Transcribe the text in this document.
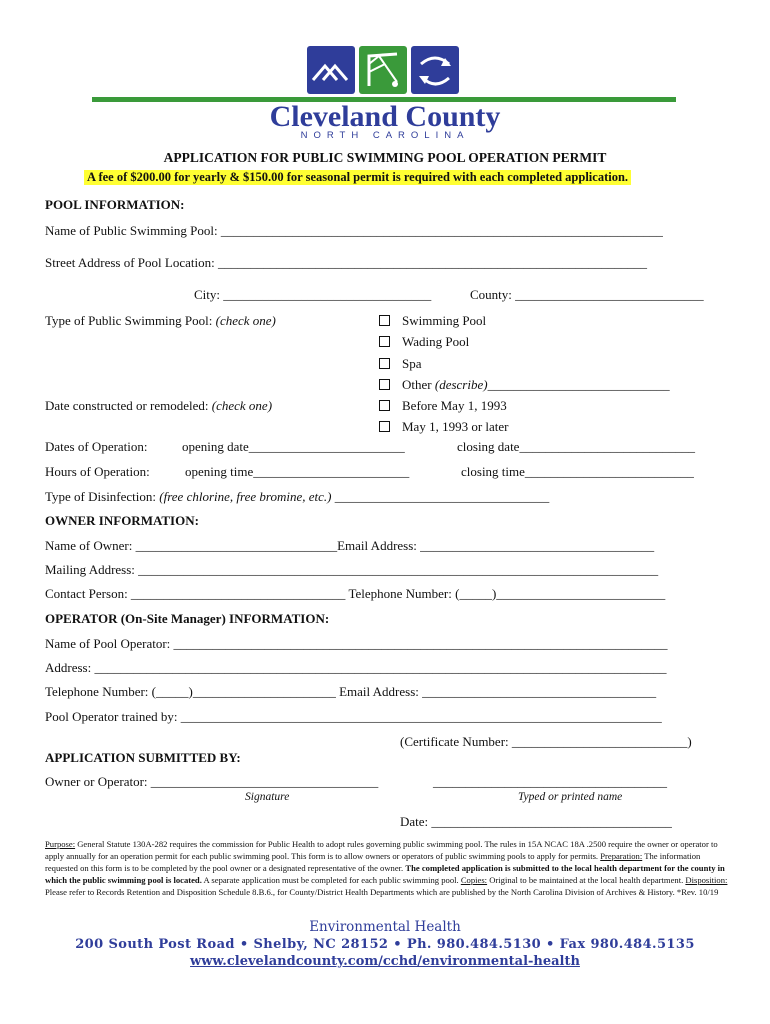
Cleveland County
NORTH CAROLINA
APPLICATION FOR PUBLIC SWIMMING POOL OPERATION PERMIT
A fee of $200.00 for yearly & $150.00 for seasonal permit is required with each completed application.
POOL INFORMATION:
Name of Public Swimming Pool: ____________________________________________________________________
Street Address of Pool Location: __________________________________________________________________
City: ________________________________	County: _____________________________
Type of Public Swimming Pool: (check one)	Swimming Pool
Wading Pool
Spa
Other (describe)____________________________
Date constructed or remodeled: (check one)	Before May 1, 1993
May 1, 1993 or later
Dates of Operation:	opening date________________________	closing date___________________________
Hours of Operation:	opening time________________________	closing time__________________________
Type of Disinfection: (free chlorine, free bromine, etc.) _________________________________
OWNER INFORMATION:
Name of Owner: _______________________________Email Address: ____________________________________
Mailing Address: ________________________________________________________________________________
Contact Person: _________________________________ Telephone Number: (_____)__________________________
OPERATOR (On-Site Manager) INFORMATION:
Name of Pool Operator: ____________________________________________________________________________
Address: ________________________________________________________________________________________
Telephone Number: (_____)______________________ Email Address: ____________________________________
Pool Operator trained by: __________________________________________________________________________
(Certificate Number: ___________________________)
APPLICATION SUBMITTED BY:
Owner or Operator: ___________________________________	____________________________________
Signature	Typed or printed name
Date: _____________________________________
Purpose: General Statute 130A-282 requires the commission for Public Health to adopt rules governing public swimming pool. The rules in 15A NCAC 18A .2500 require the owner or operator to apply annually for an operation permit for each public swimming pool. This form is to allow owners or operators of public swimming pools to apply for permits. Preparation: The information requested on this form is to be completed by the pool owner or a designated representative of the owner. The completed application is submitted to the local health department for the county in which the public swimming pool is located. A separate application must be completed for each public swimming pool. Copies: Original to be maintained at the local health department. Disposition: Please refer to Records Retention and Disposition Schedule 8.B.6., for County/District Health Departments which are published by the North Carolina Division of Archives & History. *Rev. 10/19
Environmental Health
200 South Post Road • Shelby, NC 28152 • Ph. 980.484.5130 • Fax 980.484.5135
www.clevelandcounty.com/cchd/environmental-health
